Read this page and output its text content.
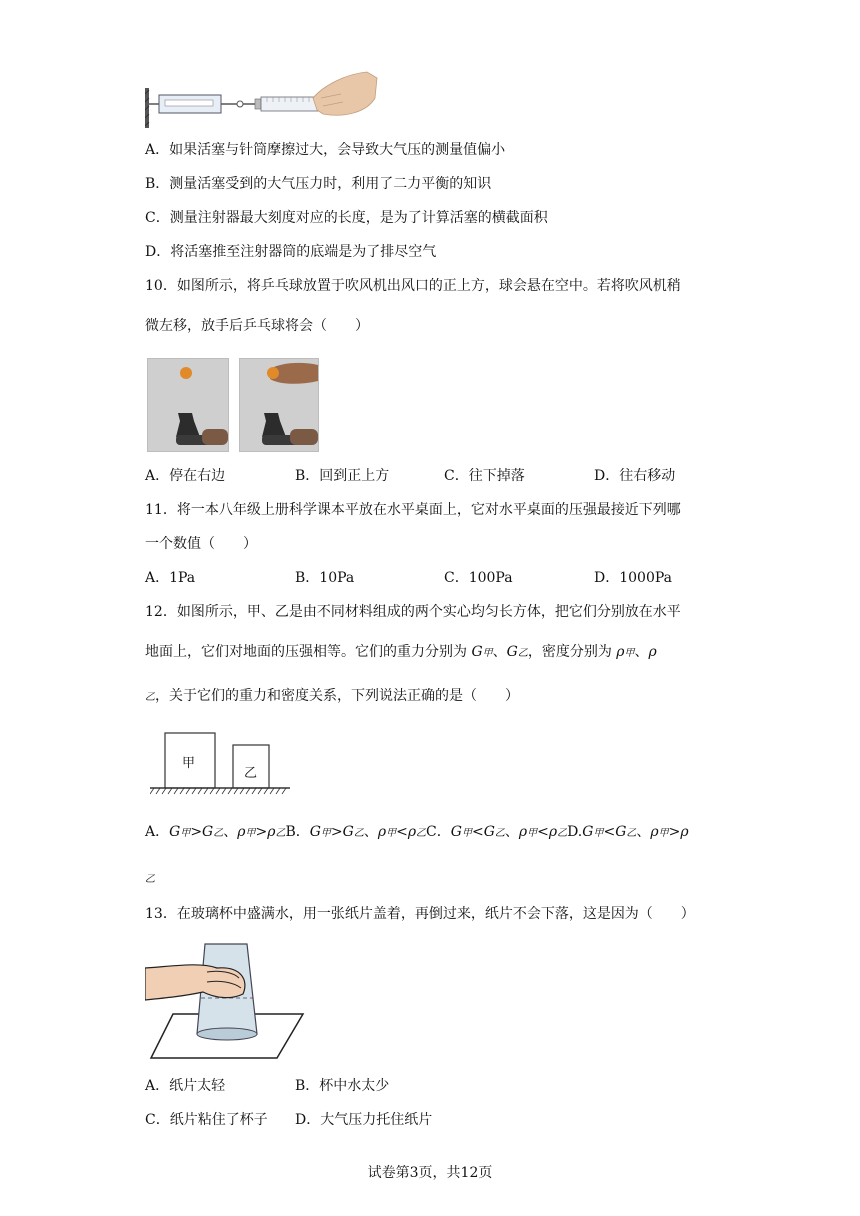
A．如果活塞与针筒摩擦过大，会导致大气压的测量值偏小
B．测量活塞受到的大气压力时，利用了二力平衡的知识
C．测量注射器最大刻度对应的长度，是为了计算活塞的横截面积
D．将活塞推至注射器筒的底端是为了排尽空气
10．如图所示，将乒乓球放置于吹风机出风口的正上方，球会悬在空中。若将吹风机稍
微左移，放手后乒乓球将会（　　）
A．停在右边	B．回到正上方	C．往下掉落	D．往右移动
11．将一本八年级上册科学课本平放在水平桌面上，它对水平桌面的压强最接近下列哪
一个数值（　　）
A．1Pa	B．10Pa	C．100Pa	D．1000Pa
12．如图所示，甲、乙是由不同材料组成的两个实心均匀长方体，把它们分别放在水平
地面上，它们对地面的压强相等。它们的重力分别为 G甲、G乙，密度分别为 ρ甲、ρ
乙，关于它们的重力和密度关系，下列说法正确的是（　　）
甲
乙
A．G甲>G乙、ρ甲>ρ乙B．G甲>G乙、ρ甲<ρ乙C．G甲<G乙、ρ甲<ρ乙D.G甲<G乙、ρ甲>ρ
乙
13．在玻璃杯中盛满水，用一张纸片盖着，再倒过来，纸片不会下落，这是因为（　　）
A．纸片太轻	B．杯中水太少
C．纸片粘住了杯子 D．大气压力托住纸片
试卷第3页，共12页
